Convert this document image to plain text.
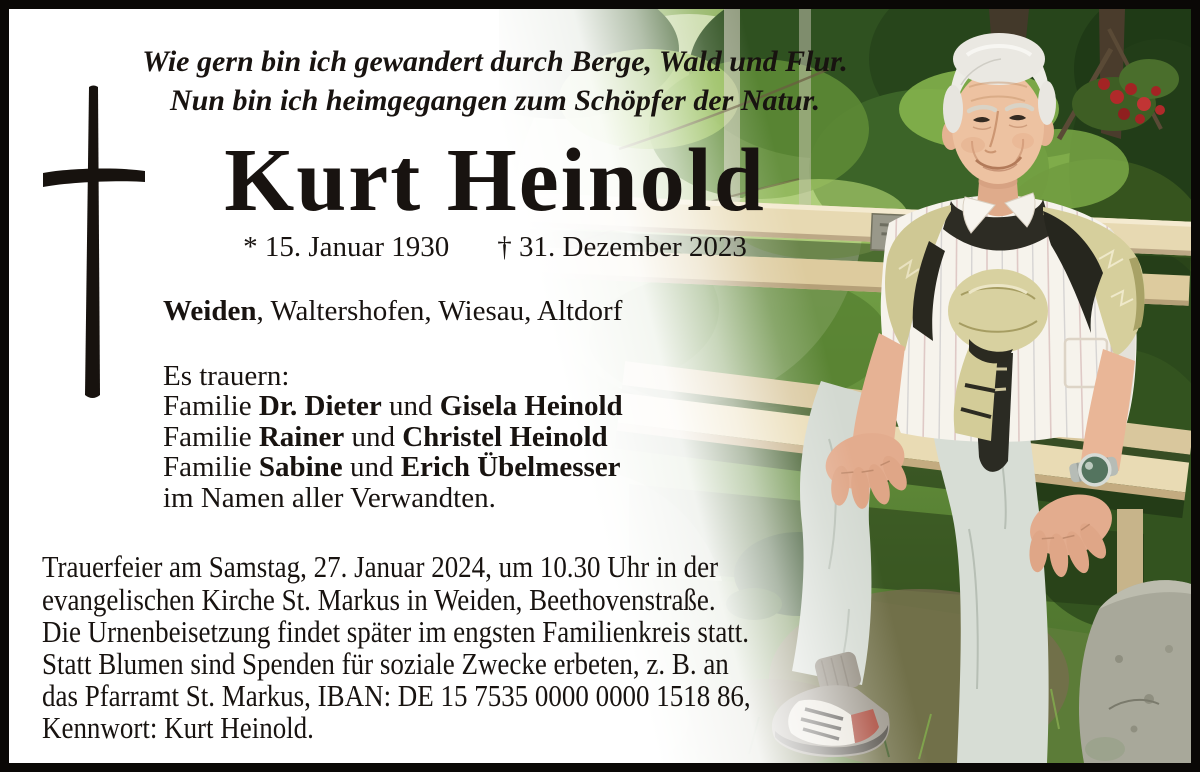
Wie gern bin ich gewandert durch Berge, Wald und Flur.
Nun bin ich heimgegangen zum Schöpfer der Natur.
Kurt Heinold
* 15. Januar 1930 † 31. Dezember 2023
Weiden, Waltershofen, Wiesau, Altdorf
Es trauern:
Familie Dr. Dieter und Gisela Heinold
Familie Rainer und Christel Heinold
Familie Sabine und Erich Übelmesser
im Namen aller Verwandten.
Trauerfeier am Samstag, 27. Januar 2024, um 10.30 Uhr in der
evangelischen Kirche St. Markus in Weiden, Beethovenstraße.
Die Urnenbeisetzung findet später im engsten Familienkreis statt.
Statt Blumen sind Spenden für soziale Zwecke erbeten, z. B. an
das Pfarramt St. Markus, IBAN: DE 15 7535 0000 0000 1518 86,
Kennwort: Kurt Heinold.
